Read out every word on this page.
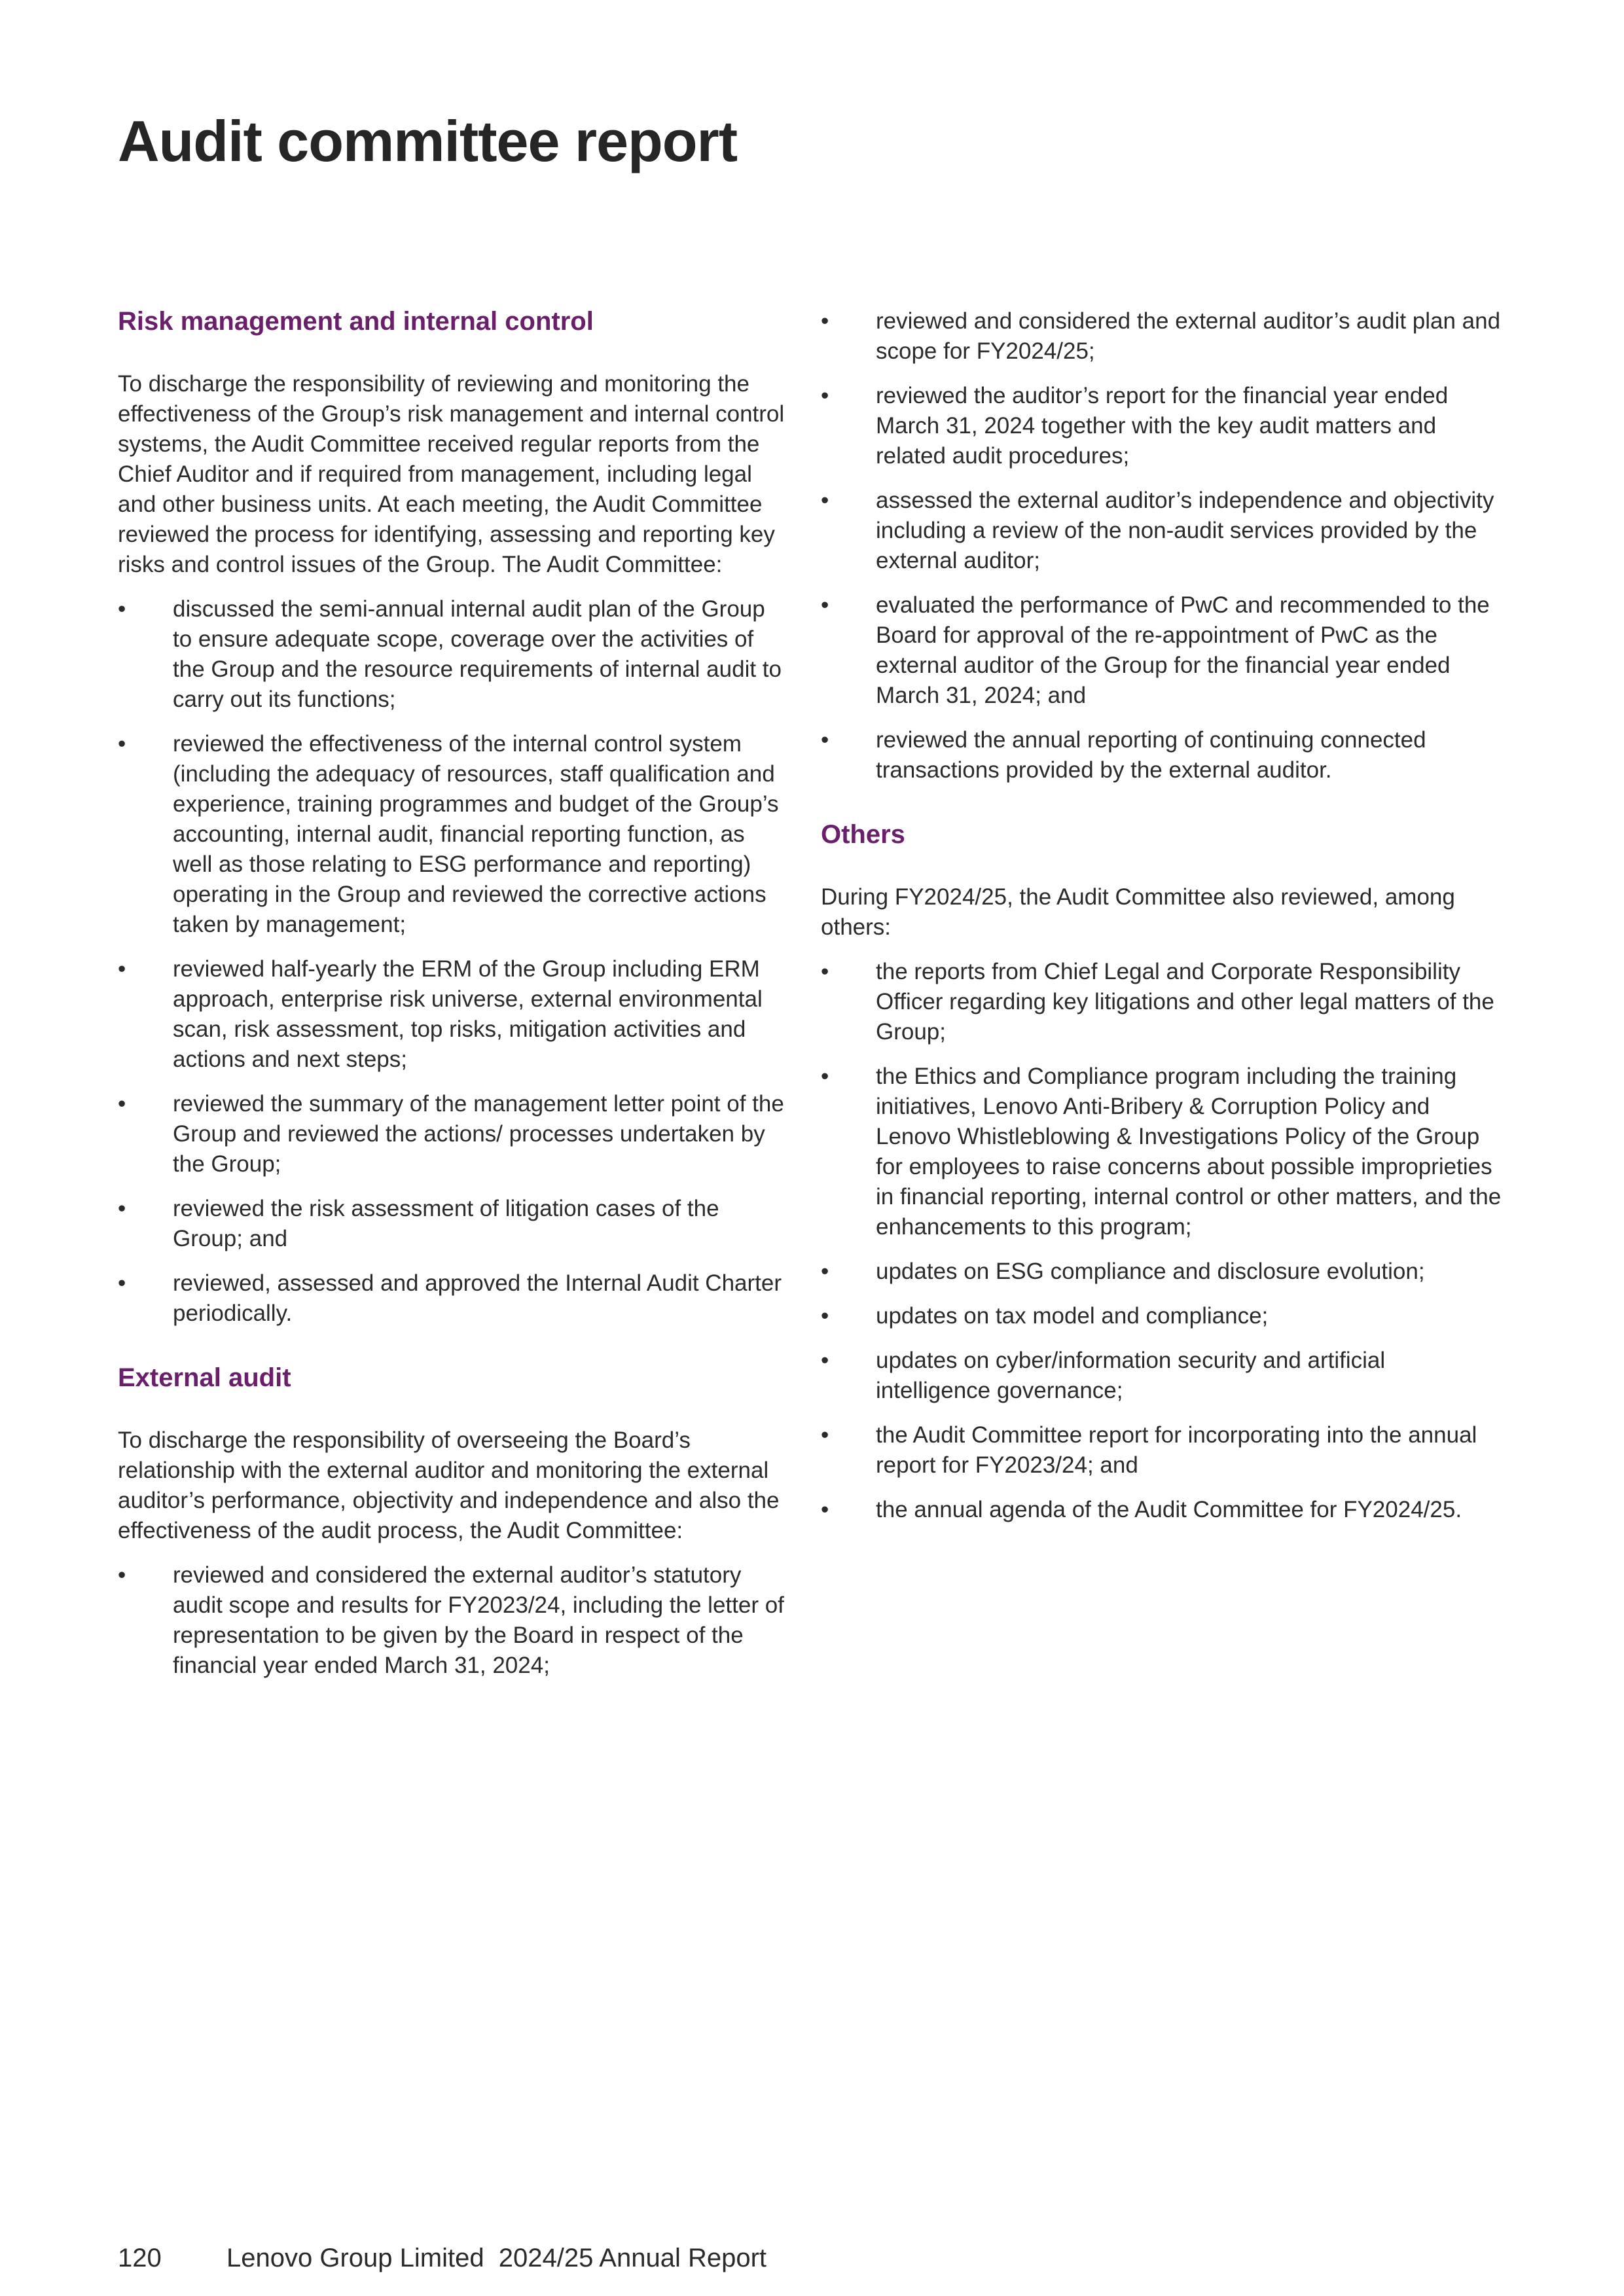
Audit committee report
Risk management and internal control

To discharge the responsibility of reviewing and monitoring the effectiveness of the Group’s risk management and internal control systems, the Audit Committee received regular reports from the Chief Auditor and if required from management, including legal and other business units. At each meeting, the Audit Committee reviewed the process for identifying, assessing and reporting key risks and control issues of the Group. The Audit Committee:

•	discussed the semi-annual internal audit plan of the Group to ensure adequate scope, coverage over the activities of the Group and the resource requirements of internal audit to carry out its functions;
•	reviewed the effectiveness of the internal control system (including the adequacy of resources, staff qualification and experience, training programmes and budget of the Group’s accounting, internal audit, financial reporting function, as well as those relating to ESG performance and reporting) operating in the Group and reviewed the corrective actions taken by management;
•	reviewed half-yearly the ERM of the Group including ERM approach, enterprise risk universe, external environmental scan, risk assessment, top risks, mitigation activities and actions and next steps;
•	reviewed the summary of the management letter point of the Group and reviewed the actions/ processes undertaken by the Group;
•	reviewed the risk assessment of litigation cases of the Group; and
•	reviewed, assessed and approved the Internal Audit Charter periodically.
External audit

To discharge the responsibility of overseeing the Board’s relationship with the external auditor and monitoring the external auditor’s performance, objectivity and independence and also the effectiveness of the audit process, the Audit Committee:

•	reviewed and considered the external auditor’s statutory audit scope and results for FY2023/24, including the letter of representation to be given by the Board in respect of the financial year ended March 31, 2024;
•	reviewed and considered the external auditor’s audit plan and scope for FY2024/25;
•	reviewed the auditor’s report for the financial year ended March 31, 2024 together with the key audit matters and related audit procedures;
•	assessed the external auditor’s independence and objectivity including a review of the non-audit services provided by the external auditor;
•	evaluated the performance of PwC and recommended to the Board for approval of the re-appointment of PwC as the external auditor of the Group for the financial year ended March 31, 2024; and
•	reviewed the annual reporting of continuing connected transactions provided by the external auditor.
Others

During FY2024/25, the Audit Committee also reviewed, among others:

•	the reports from Chief Legal and Corporate Responsibility Officer regarding key litigations and other legal matters of the Group;
•	the Ethics and Compliance program including the training initiatives, Lenovo Anti-Bribery & Corruption Policy and Lenovo Whistleblowing & Investigations Policy of the Group for employees to raise concerns about possible improprieties in financial reporting, internal control or other matters, and the enhancements to this program;
•	updates on ESG compliance and disclosure evolution;
•	updates on tax model and compliance;
•	updates on cyber/information security and artificial intelligence governance;
•	the Audit Committee report for incorporating into the annual report for FY2023/24; and
•	the annual agenda of the Audit Committee for FY2024/25.
120 Lenovo Group Limited  2024/25 Annual Report
